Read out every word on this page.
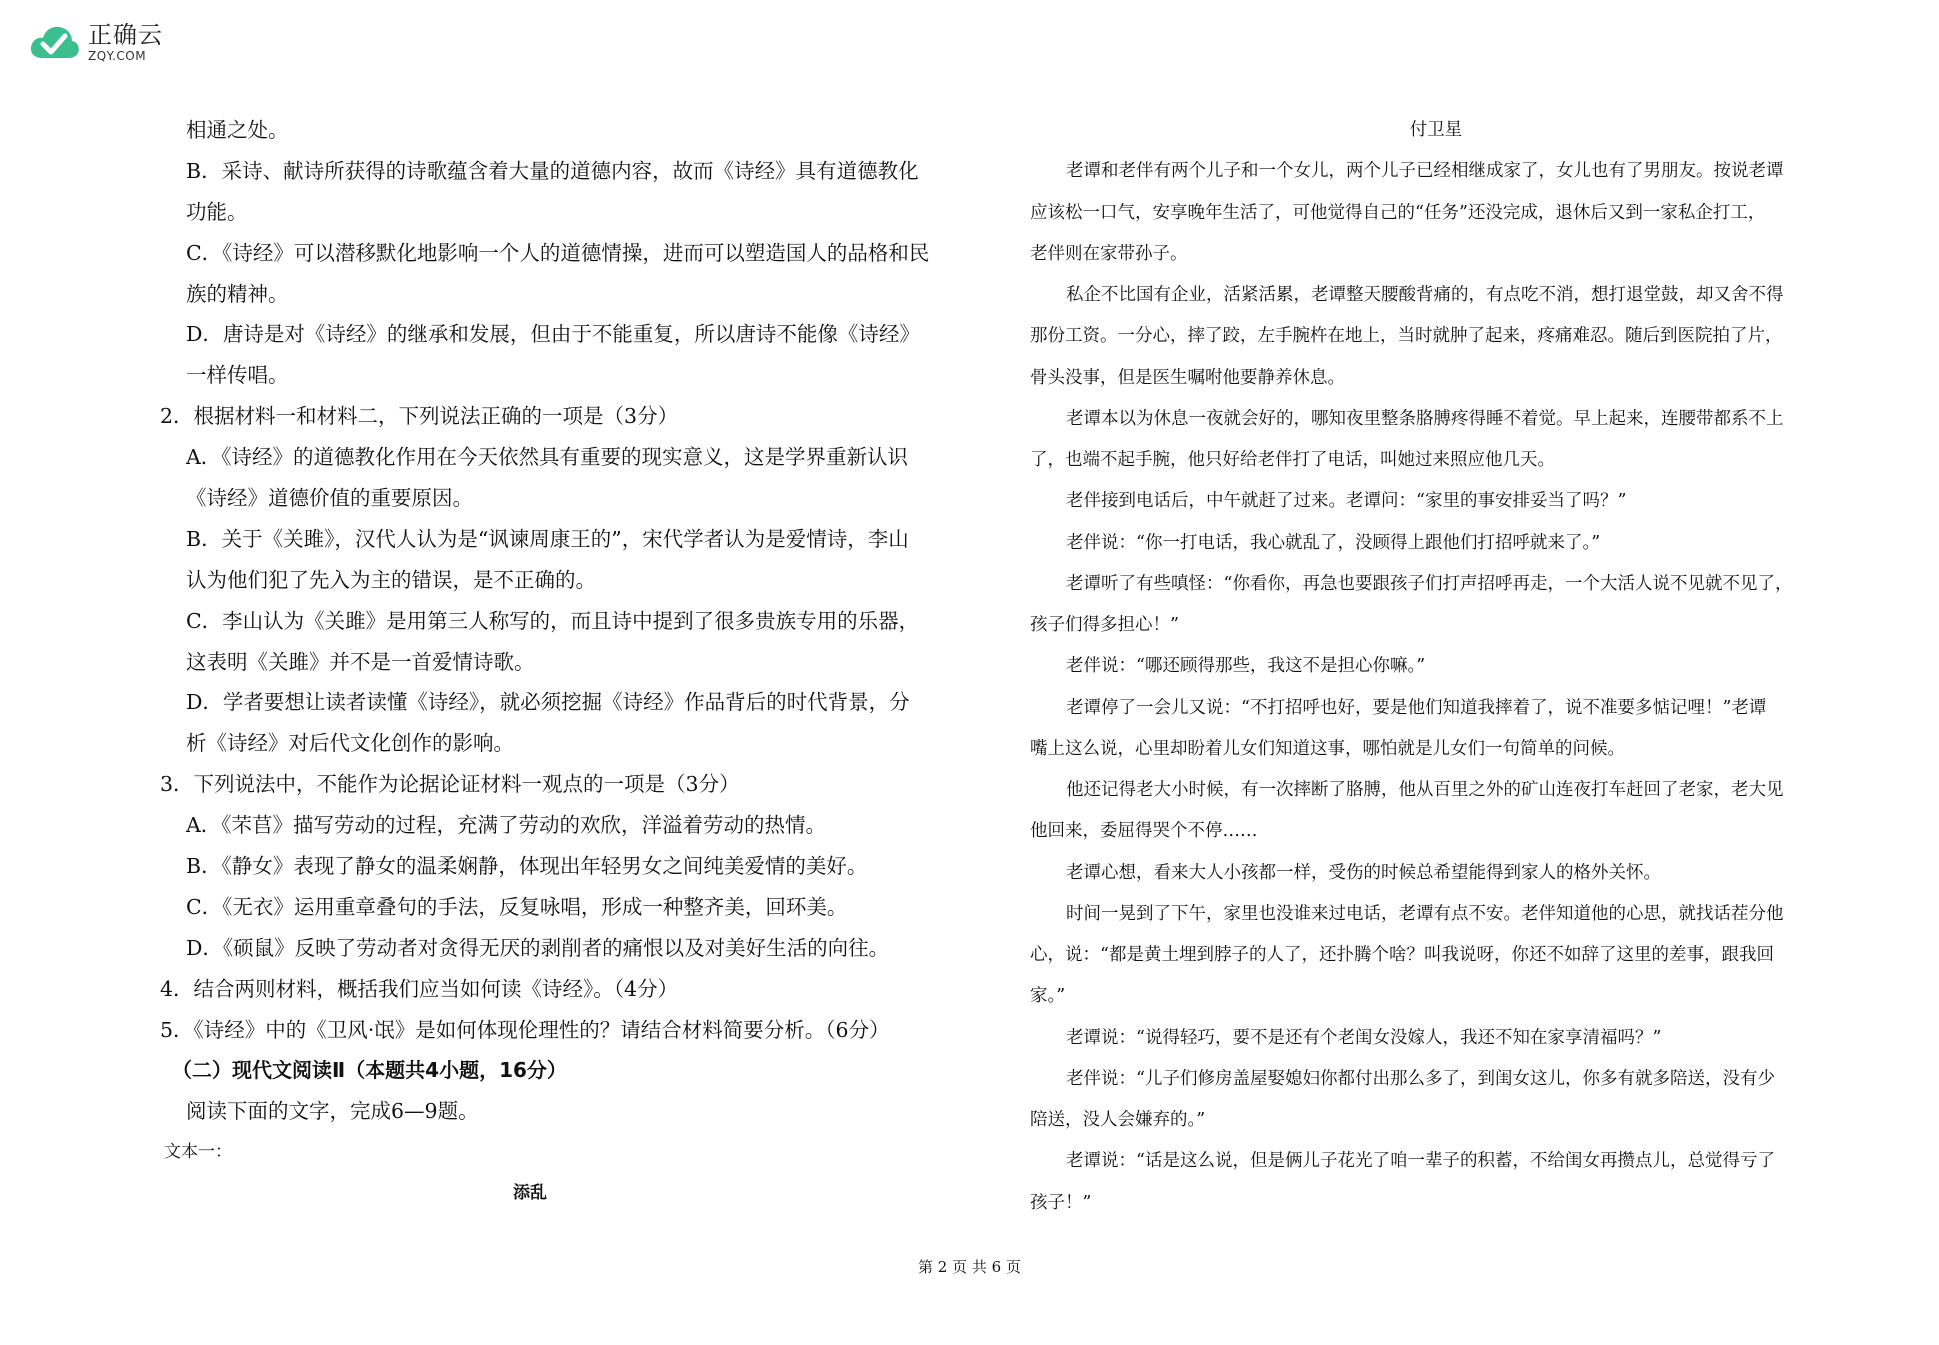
正确云
ZQY.COM
相通之处。
B．采诗、献诗所获得的诗歌蕴含着大量的道德内容，故而《诗经》具有道德教化
功能。
C．《诗经》可以潜移默化地影响一个人的道德情操，进而可以塑造国人的品格和民
族的精神。
D．唐诗是对《诗经》的继承和发展，但由于不能重复，所以唐诗不能像《诗经》
一样传唱。
2．根据材料一和材料二，下列说法正确的一项是（3分）
A．《诗经》的道德教化作用在今天依然具有重要的现实意义，这是学界重新认识
《诗经》道德价值的重要原因。
B．关于《关雎》，汉代人认为是“讽谏周康王的”，宋代学者认为是爱情诗，李山
认为他们犯了先入为主的错误，是不正确的。
C．李山认为《关雎》是用第三人称写的，而且诗中提到了很多贵族专用的乐器，
这表明《关雎》并不是一首爱情诗歌。
D．学者要想让读者读懂《诗经》，就必须挖掘《诗经》作品背后的时代背景，分
析《诗经》对后代文化创作的影响。
3．下列说法中，不能作为论据论证材料一观点的一项是（3分）
A．《芣苢》描写劳动的过程，充满了劳动的欢欣，洋溢着劳动的热情。
B．《静女》表现了静女的温柔娴静，体现出年轻男女之间纯美爱情的美好。
C．《无衣》运用重章叠句的手法，反复咏唱，形成一种整齐美，回环美。
D．《硕鼠》反映了劳动者对贪得无厌的剥削者的痛恨以及对美好生活的向往。
4．结合两则材料，概括我们应当如何读《诗经》。（4分）
5．《诗经》中的《卫风·氓》是如何体现伦理性的？请结合材料简要分析。（6分）
（二）现代文阅读Ⅱ（本题共4小题，16分）
阅读下面的文字，完成6—9题。
文本一：
添乱
付卫星
老谭和老伴有两个儿子和一个女儿，两个儿子已经相继成家了，女儿也有了男朋友。按说老谭
应该松一口气，安享晚年生活了，可他觉得自己的“任务”还没完成，退休后又到一家私企打工，
老伴则在家带孙子。
私企不比国有企业，活紧活累，老谭整天腰酸背痛的，有点吃不消，想打退堂鼓，却又舍不得
那份工资。一分心，摔了跤，左手腕杵在地上，当时就肿了起来，疼痛难忍。随后到医院拍了片，
骨头没事，但是医生嘱咐他要静养休息。
老谭本以为休息一夜就会好的，哪知夜里整条胳膊疼得睡不着觉。早上起来，连腰带都系不上
了，也端不起手腕，他只好给老伴打了电话，叫她过来照应他几天。
老伴接到电话后，中午就赶了过来。老谭问：“家里的事安排妥当了吗？”
老伴说：“你一打电话，我心就乱了，没顾得上跟他们打招呼就来了。”
老谭听了有些嗔怪：“你看你，再急也要跟孩子们打声招呼再走，一个大活人说不见就不见了，
孩子们得多担心！”
老伴说：“哪还顾得那些，我这不是担心你嘛。”
老谭停了一会儿又说：“不打招呼也好，要是他们知道我摔着了，说不准要多惦记哩！”老谭
嘴上这么说，心里却盼着儿女们知道这事，哪怕就是儿女们一句简单的问候。
他还记得老大小时候，有一次摔断了胳膊，他从百里之外的矿山连夜打车赶回了老家，老大见
他回来，委屈得哭个不停……
老谭心想，看来大人小孩都一样，受伤的时候总希望能得到家人的格外关怀。
时间一晃到了下午，家里也没谁来过电话，老谭有点不安。老伴知道他的心思，就找话茬分他
心，说：“都是黄土埋到脖子的人了，还扑腾个啥？叫我说呀，你还不如辞了这里的差事，跟我回
家。”
老谭说：“说得轻巧，要不是还有个老闺女没嫁人，我还不知在家享清福吗？”
老伴说：“儿子们修房盖屋娶媳妇你都付出那么多了，到闺女这儿，你多有就多陪送，没有少
陪送，没人会嫌弃的。”
老谭说：“话是这么说，但是俩儿子花光了咱一辈子的积蓄，不给闺女再攒点儿，总觉得亏了
孩子！”
第 2 页 共 6 页
